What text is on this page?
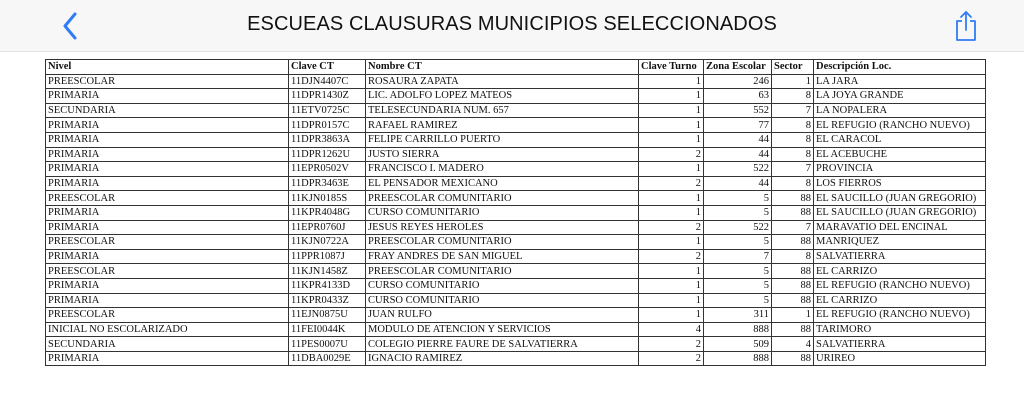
ESCUEAS CLAUSURAS MUNICIPIOS SELECCIONADOS
Nivel	Clave CT	Nombre CT	Clave Turno	Zona Escolar	Sector	Descripción Loc.
PREESCOLAR	11DJN4407C	ROSAURA ZAPATA	1	246	1	LA JARA
PRIMARIA	11DPR1430Z	LIC. ADOLFO LOPEZ MATEOS	1	63	8	LA JOYA GRANDE
SECUNDARIA	11ETV0725C	TELESECUNDARIA NUM. 657	1	552	7	LA NOPALERA
PRIMARIA	11DPR0157C	RAFAEL RAMIREZ	1	77	8	EL REFUGIO (RANCHO NUEVO)
PRIMARIA	11DPR3863A	FELIPE CARRILLO PUERTO	1	44	8	EL CARACOL
PRIMARIA	11DPR1262U	JUSTO SIERRA	2	44	8	EL ACEBUCHE
PRIMARIA	11EPR0502V	FRANCISCO I. MADERO	1	522	7	PROVINCIA
PRIMARIA	11DPR3463E	EL PENSADOR MEXICANO	2	44	8	LOS FIERROS
PREESCOLAR	11KJN0185S	PREESCOLAR COMUNITARIO	1	5	88	EL SAUCILLO (JUAN GREGORIO)
PRIMARIA	11KPR4048G	CURSO COMUNITARIO	1	5	88	EL SAUCILLO (JUAN GREGORIO)
PRIMARIA	11EPR0760J	JESUS REYES HEROLES	2	522	7	MARAVATIO DEL ENCINAL
PREESCOLAR	11KJN0722A	PREESCOLAR COMUNITARIO	1	5	88	MANRIQUEZ
PRIMARIA	11PPR1087J	FRAY ANDRES DE SAN MIGUEL	2	7	8	SALVATIERRA
PREESCOLAR	11KJN1458Z	PREESCOLAR COMUNITARIO	1	5	88	EL CARRIZO
PRIMARIA	11KPR4133D	CURSO COMUNITARIO	1	5	88	EL REFUGIO (RANCHO NUEVO)
PRIMARIA	11KPR0433Z	CURSO COMUNITARIO	1	5	88	EL CARRIZO
PREESCOLAR	11EJN0875U	JUAN RULFO	1	311	1	EL REFUGIO (RANCHO NUEVO)
INICIAL NO ESCOLARIZADO	11FEI0044K	MODULO DE ATENCION Y SERVICIOS	4	888	88	TARIMORO
SECUNDARIA	11PES0007U	COLEGIO PIERRE FAURE DE SALVATIERRA	2	509	4	SALVATIERRA
PRIMARIA	11DBA0029E	IGNACIO RAMIREZ	2	888	88	URIREO
